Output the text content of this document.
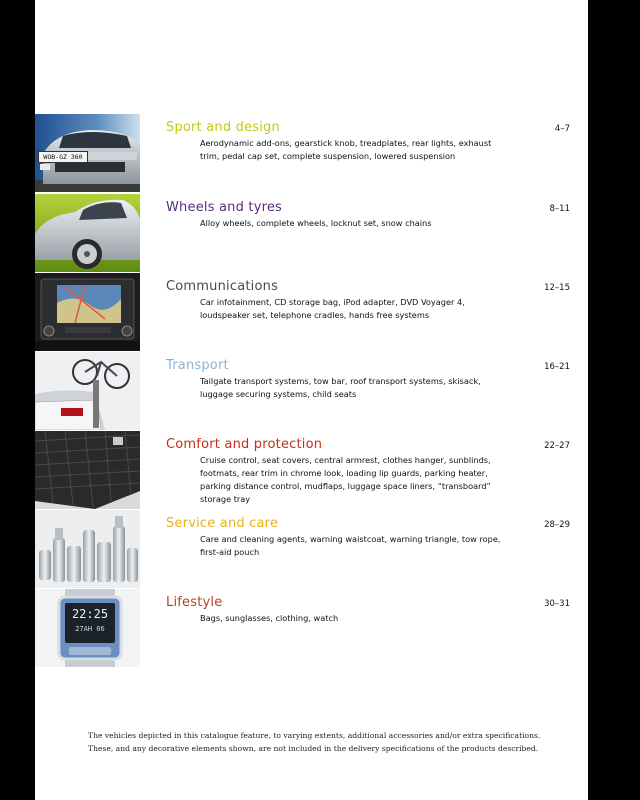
WOB-GZ 360
22:25
27AH 06
Sport and design
Aerodynamic add-ons, gearstick knob, treadplates, rear lights, exhaust trim, pedal cap set, complete suspension, lowered suspension
4–7
Wheels and tyres
Alloy wheels, complete wheels, locknut set, snow chains
8–11
Communications
Car infotainment, CD storage bag, iPod adapter, DVD Voyager 4, loudspeaker set, telephone cradles, hands free systems
12–15
Transport
Tailgate transport systems, tow bar, roof transport systems, skisack, luggage securing systems, child seats
16–21
Comfort and protection
Cruise control, seat covers, central armrest, clothes hanger, sunblinds, footmats, rear trim in chrome look, loading lip guards, parking heater, parking distance control, mudflaps, luggage space liners, “transboard” storage tray
22–27
Service and care
Care and cleaning agents, warning waistcoat, warning triangle, tow rope, first-aid pouch
28–29
Lifestyle
Bags, sunglasses, clothing, watch
30–31
The vehicles depicted in this catalogue feature, to varying extents, additional accessories and/or extra specifications. These, and any decorative elements shown, are not included in the delivery specifications of the products described.
